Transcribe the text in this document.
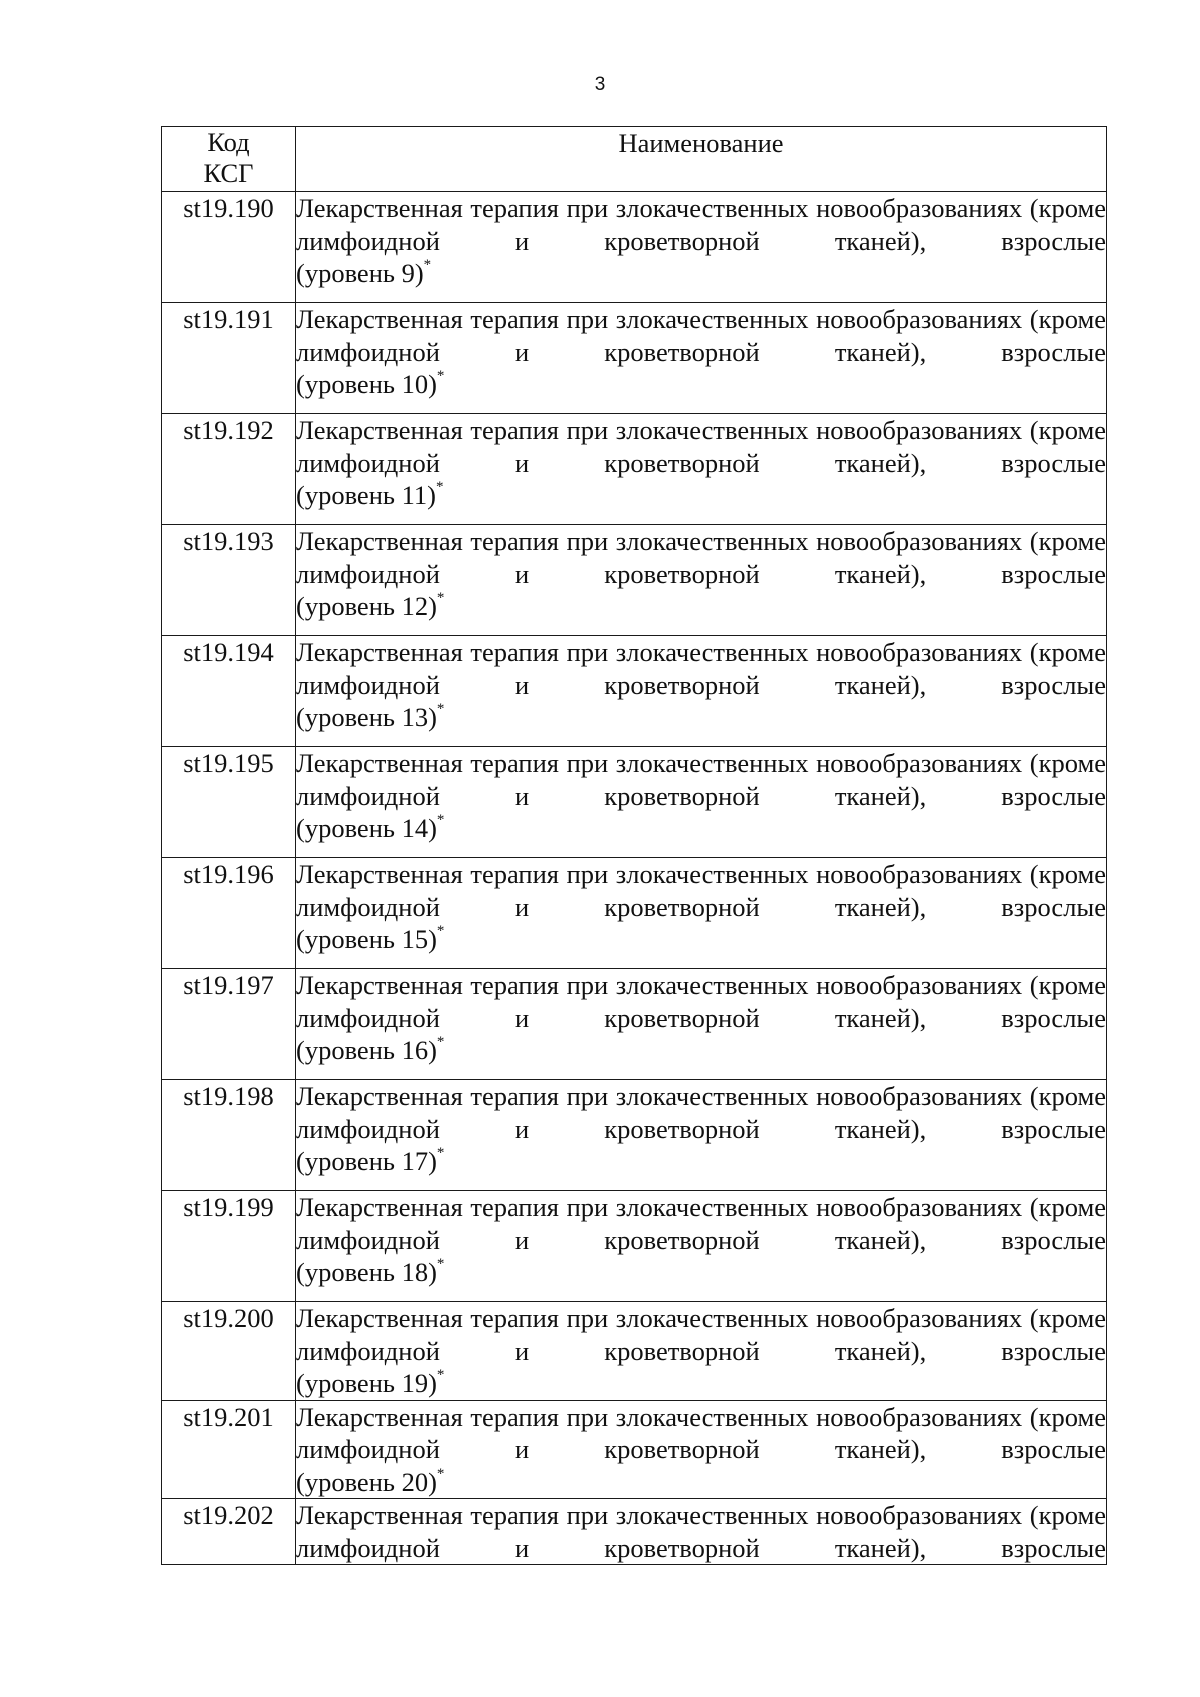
3
Код
КСГ	Наименование
st19.190	Лекарственная терапия при злокачественных новообразованиях (кроме лимфоидной и кроветворной тканей), взрослые
(уровень 9)*

st19.191	Лекарственная терапия при злокачественных новообразованиях (кроме лимфоидной и кроветворной тканей), взрослые
(уровень 10)*

st19.192	Лекарственная терапия при злокачественных новообразованиях (кроме лимфоидной и кроветворной тканей), взрослые
(уровень 11)*

st19.193	Лекарственная терапия при злокачественных новообразованиях (кроме лимфоидной и кроветворной тканей), взрослые
(уровень 12)*

st19.194	Лекарственная терапия при злокачественных новообразованиях (кроме лимфоидной и кроветворной тканей), взрослые
(уровень 13)*

st19.195	Лекарственная терапия при злокачественных новообразованиях (кроме лимфоидной и кроветворной тканей), взрослые
(уровень 14)*

st19.196	Лекарственная терапия при злокачественных новообразованиях (кроме лимфоидной и кроветворной тканей), взрослые
(уровень 15)*

st19.197	Лекарственная терапия при злокачественных новообразованиях (кроме лимфоидной и кроветворной тканей), взрослые
(уровень 16)*

st19.198	Лекарственная терапия при злокачественных новообразованиях (кроме лимфоидной и кроветворной тканей), взрослые
(уровень 17)*

st19.199	Лекарственная терапия при злокачественных новообразованиях (кроме лимфоидной и кроветворной тканей), взрослые
(уровень 18)*

st19.200	Лекарственная терапия при злокачественных новообразованиях (кроме лимфоидной и кроветворной тканей), взрослые
(уровень 19)*

st19.201	Лекарственная терапия при злокачественных новообразованиях (кроме лимфоидной и кроветворной тканей), взрослые
(уровень 20)*

st19.202	Лекарственная терапия при злокачественных новообразованиях (кроме лимфоидной и кроветворной тканей), взрослые
